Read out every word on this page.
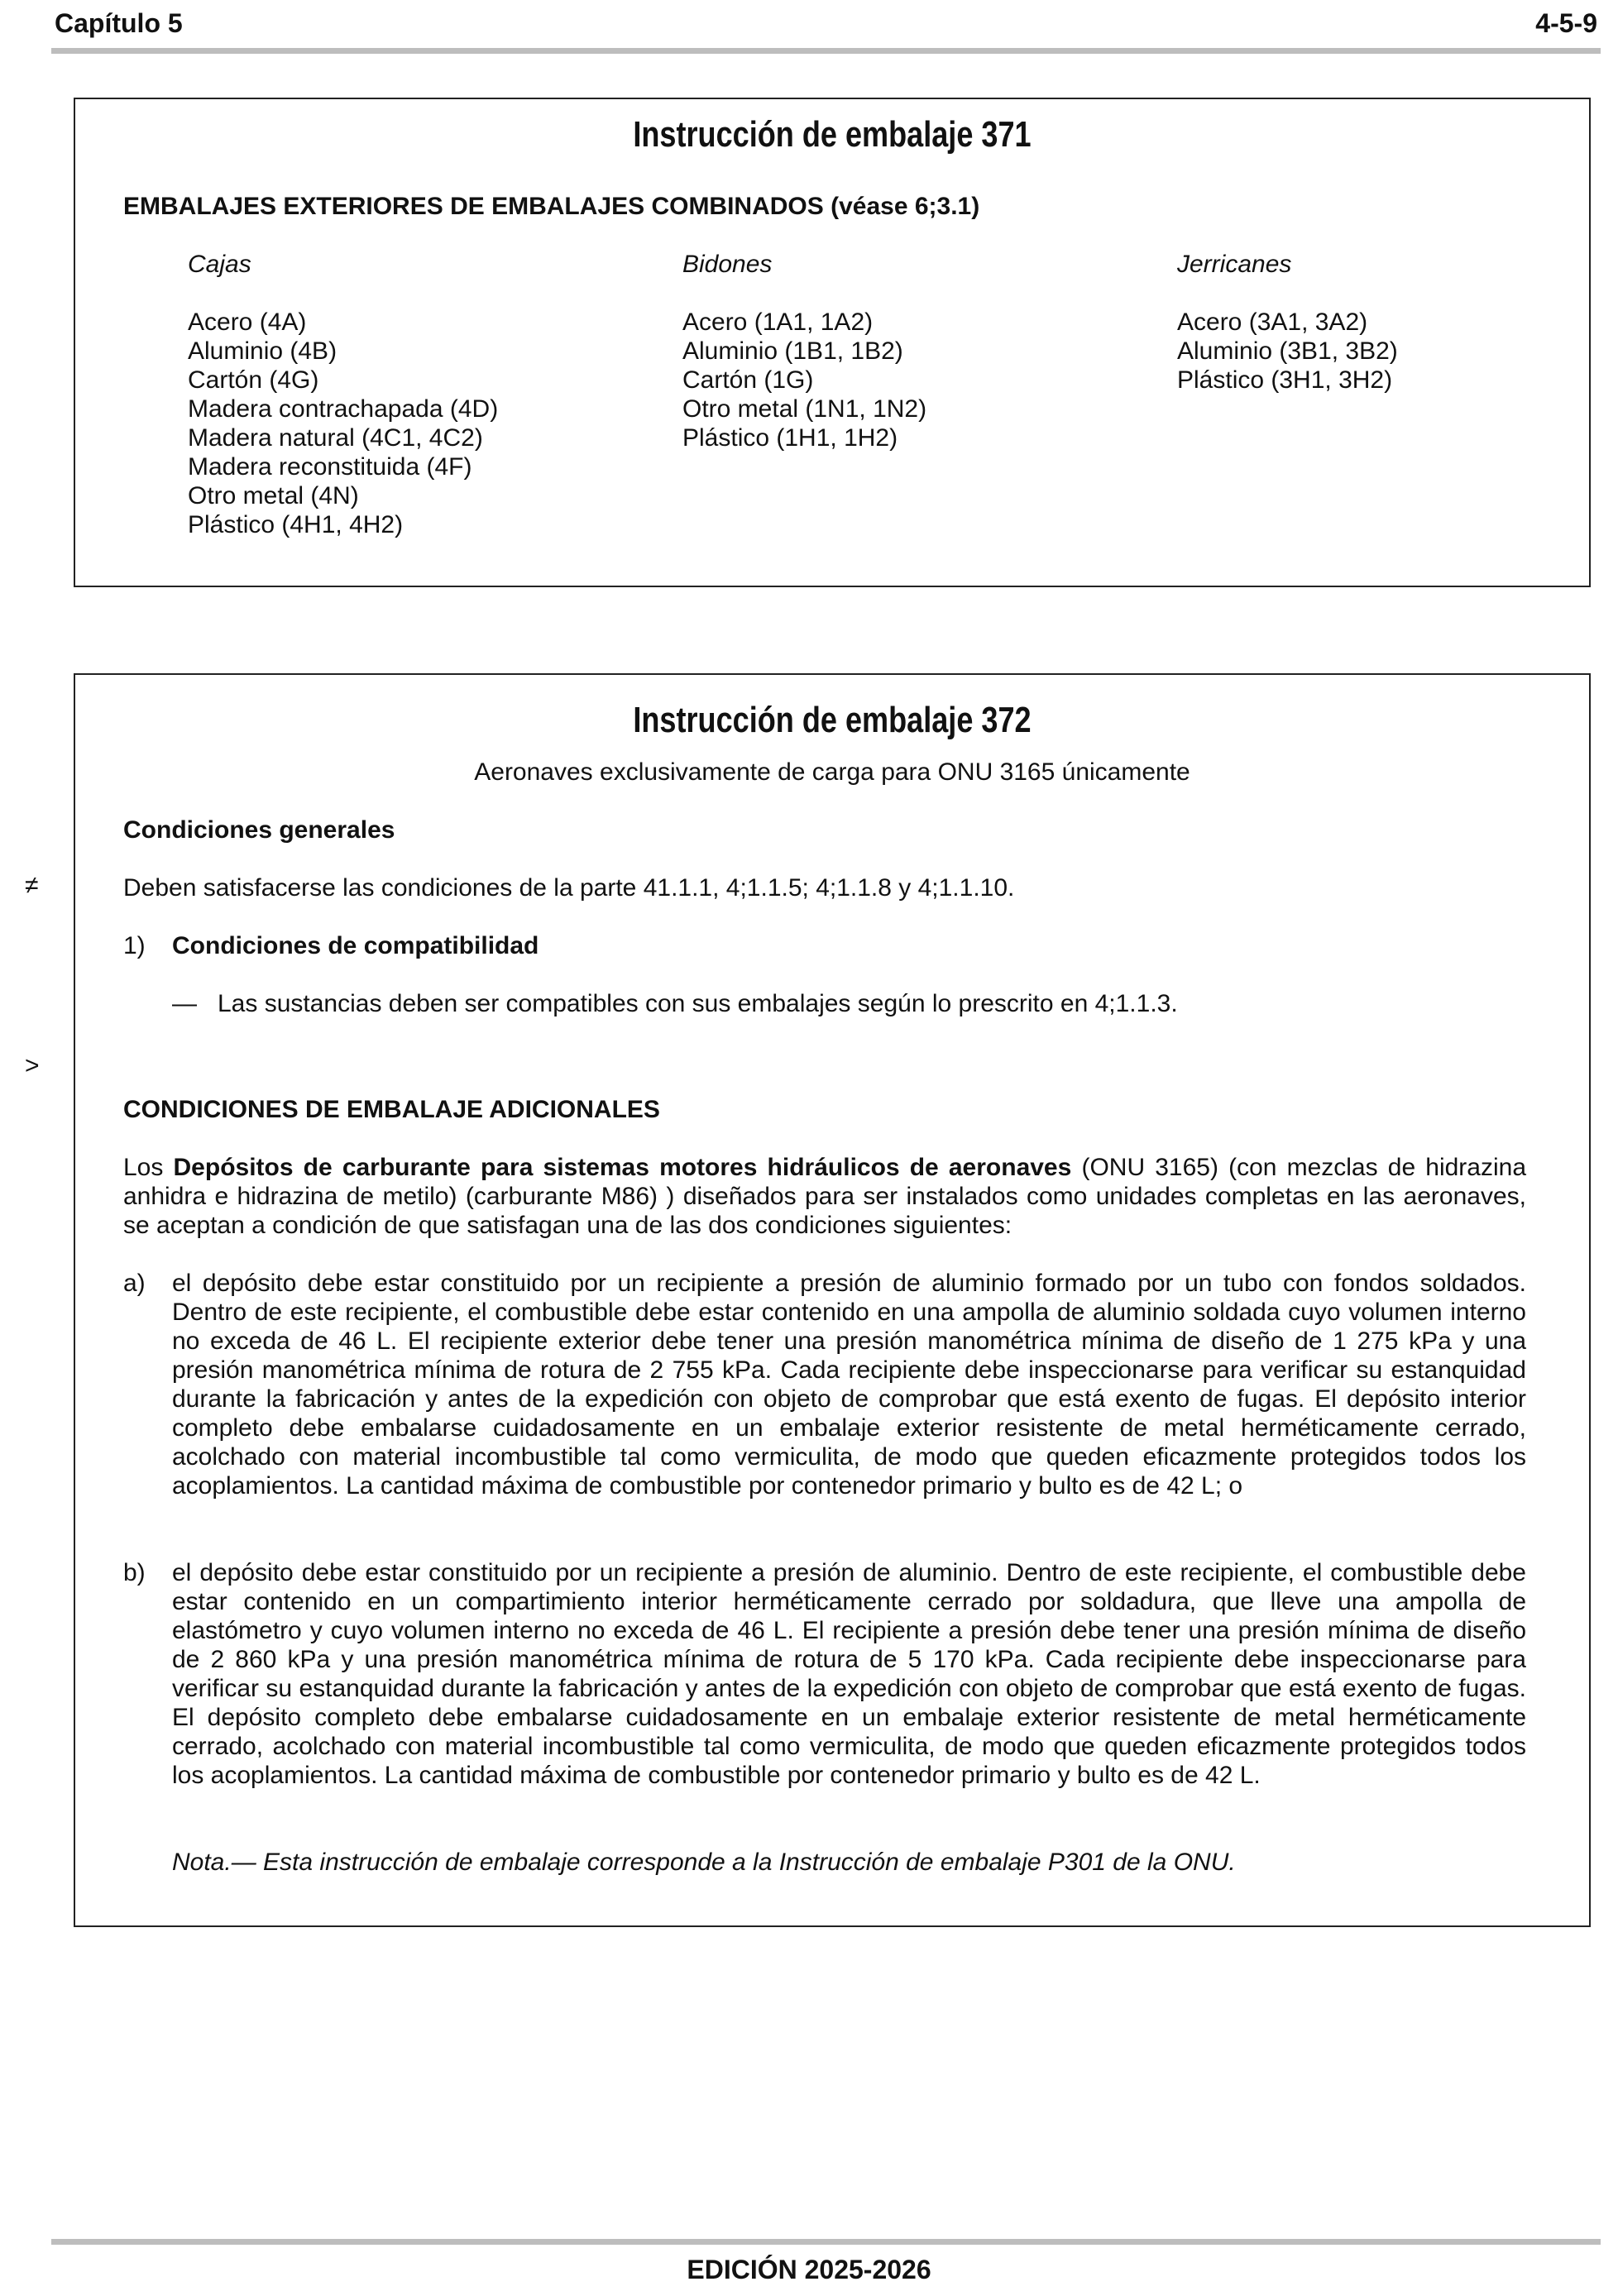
Capítulo 5	4-5-9
Instrucción de embalaje 371
EMBALAJES EXTERIORES DE EMBALAJES COMBINADOS (véase 6;3.1)
Cajas
Acero (4A)
Aluminio (4B)
Cartón (4G)
Madera contrachapada (4D)
Madera natural (4C1, 4C2)
Madera reconstituida (4F)
Otro metal (4N)
Plástico (4H1, 4H2)
Bidones
Acero (1A1, 1A2)
Aluminio (1B1, 1B2)
Cartón (1G)
Otro metal (1N1, 1N2)
Plástico (1H1, 1H2)
Jerricanes
Acero (3A1, 3A2)
Aluminio (3B1, 3B2)
Plástico (3H1, 3H2)
≠
>
Instrucción de embalaje 372
Aeronaves exclusivamente de carga para ONU 3165 únicamente
Condiciones generales
Deben satisfacerse las condiciones de la parte 41.1.1, 4;1.1.5; 4;1.1.8 y 4;1.1.10.
1) Condiciones de compatibilidad
— Las sustancias deben ser compatibles con sus embalajes según lo prescrito en 4;1.1.3.
CONDICIONES DE EMBALAJE ADICIONALES
Los Depósitos de carburante para sistemas motores hidráulicos de aeronaves (ONU 3165) (con mezclas de hidrazina anhidra e hidrazina de metilo) (carburante M86) ) diseñados para ser instalados como unidades completas en las aeronaves, se aceptan a condición de que satisfagan una de las dos condiciones siguientes:
a) el depósito debe estar constituido por un recipiente a presión de aluminio formado por un tubo con fondos soldados. Dentro de este recipiente, el combustible debe estar contenido en una ampolla de aluminio soldada cuyo volumen interno no exceda de 46 L. El recipiente exterior debe tener una presión manométrica mínima de diseño de 1 275 kPa y una presión manométrica mínima de rotura de 2 755 kPa. Cada recipiente debe inspeccionarse para verificar su estanquidad durante la fabricación y antes de la expedición con objeto de comprobar que está exento de fugas. El depósito interior completo debe embalarse cuidadosamente en un embalaje exterior resistente de metal herméticamente cerrado, acolchado con material incombustible tal como vermiculita, de modo que queden eficazmente protegidos todos los acoplamientos. La cantidad máxima de combustible por contenedor primario y bulto es de 42 L; o
b) el depósito debe estar constituido por un recipiente a presión de aluminio. Dentro de este recipiente, el combustible debe estar contenido en un compartimiento interior herméticamente cerrado por soldadura, que lleve una ampolla de elastómetro y cuyo volumen interno no exceda de 46 L. El recipiente a presión debe tener una presión mínima de diseño de 2 860 kPa y una presión manométrica mínima de rotura de 5 170 kPa. Cada recipiente debe inspeccionarse para verificar su estanquidad durante la fabricación y antes de la expedición con objeto de comprobar que está exento de fugas. El depósito completo debe embalarse cuidadosamente en un embalaje exterior resistente de metal herméticamente cerrado, acolchado con material incombustible tal como vermiculita, de modo que queden eficazmente protegidos todos los acoplamientos. La cantidad máxima de combustible por contenedor primario y bulto es de 42 L.
Nota.— Esta instrucción de embalaje corresponde a la Instrucción de embalaje P301 de la ONU.
EDICIÓN 2025-2026
